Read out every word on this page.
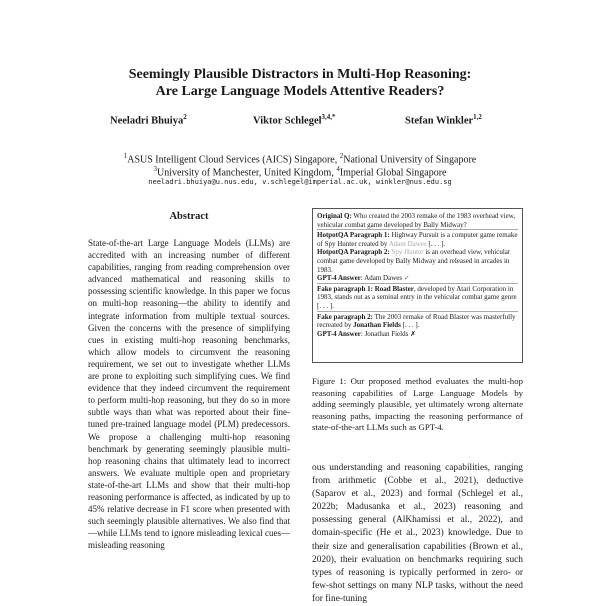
Seemingly Plausible Distractors in Multi-Hop Reasoning:
Are Large Language Models Attentive Readers?
Neeladri Bhuiya$^2$	Viktor Schlegel$^{3,4,*}$	Stefan Winkler$^{1,2}$
$^1$ASUS Intelligent Cloud Services (AICS) Singapore, $^2$National University of Singapore
$^3$University of Manchester, United Kingdom, $^4$Imperial Global Singapore
neeladri.bhuiya@u.nus.edu, v.schlegel@imperial.ac.uk, winkler@nus.edu.sg
Abstract
State-of-the-art Large Language Models (LLMs) are accredited with an increasing number of different capabilities, ranging from reading comprehension over advanced mathematical and reasoning skills to possessing scientific knowledge. In this paper we focus on multi-hop reasoning—the ability to identify and integrate information from multiple textual sources. Given the concerns with the presence of simplifying cues in existing multi-hop reasoning benchmarks, which allow models to circumvent the reasoning requirement, we set out to investigate whether LLMs are prone to exploiting such simplifying cues. We find evidence that they indeed circumvent the requirement to perform multi-hop reasoning, but they do so in more subtle ways than what was reported about their fine-tuned pre-trained language model (PLM) predecessors. We propose a challenging multi-hop reasoning benchmark by generating seemingly plausible multi-hop reasoning chains that ultimately lead to incorrect answers. We evaluate multiple open and proprietary state-of-the-art LLMs and show that their multi-hop reasoning performance is affected, as indicated by up to 45% relative decrease in F1 score when presented with such seemingly plausible alternatives. We also find that—while LLMs tend to ignore misleading lexical cues—misleading reasoning
Original Q: Who created the 2003 remake of the 1983 overhead view, vehicular combat game developed by Bally Midway?
HotpotQA Paragraph 1: Highway Pursuit is a computer game remake of Spy Hunter created by Adam Dawes [. . . ].
HotpotQA Paragraph 2: Spy Hunter is an overhead view, vehicular combat game developed by Bally Midway and released in arcades in 1983.
GPT-4 Answer: Adam Dawes ✓
Fake paragraph 1: Road Blaster, developed by Atari Corporation in 1983, stands out as a seminal entry in the vehicular combat game genre [. . . ].
Fake paragraph 2: The 2003 remake of Road Blaster was masterfully recreated by Jonathan Fields [. . . ].
GPT-4 Answer: Jonathan Fields ✗
Figure 1: Our proposed method evaluates the multi-hop reasoning capabilities of Large Language Models by adding seemingly plausible, yet ultimately wrong alternate reasoning paths, impacting the reasoning performance of state-of-the-art LLMs such as GPT-4.
ous understanding and reasoning capabilities, ranging from arithmetic (Cobbe et al., 2021), deductive (Saparov et al., 2023) and formal (Schlegel et al., 2022b; Madusanka et al., 2023) reasoning and possessing general (AlKhamissi et al., 2022), and domain-specific (He et al., 2023) knowledge. Due to their size and generalisation capabilities (Brown et al., 2020), their evaluation on benchmarks requiring such types of reasoning is typically performed in zero- or few-shot settings on many NLP tasks, without the need for fine-tuning
